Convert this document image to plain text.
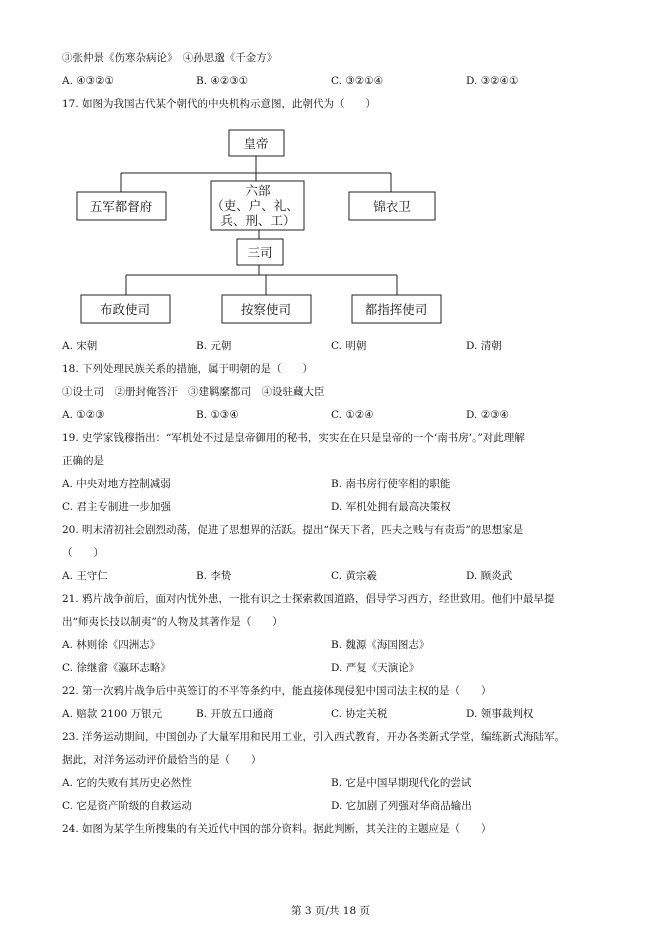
③张仲景《伤寒杂病论》　④孙思邈《千金方》
A. ④③②①	B. ④②③①	C. ③②①④	D. ③②④①
17. 如图为我国古代某个朝代的中央机构示意图，此朝代为（　　）
皇帝
五军都督府
六部
（吏、户、礼、
兵、刑、工）
锦衣卫
三司
布政使司	按察使司	都指挥使司
A. 宋朝	B. 元朝	C. 明朝	D. 清朝
18. 下列处理民族关系的措施，属于明朝的是（　　）
①设土司　②册封俺答汗　③建羁縻都司　④设驻藏大臣
A. ①②③	B. ①③④	C. ①②④	D. ②③④
19. 史学家钱穆指出：“军机处不过是皇帝御用的秘书，实实在在只是皇帝的一个‘南书房’。”对此理解
正确的是
A. 中央对地方控制减弱	B. 南书房行使宰相的职能
C. 君主专制进一步加强	D. 军机处拥有最高决策权
20. 明末清初社会剧烈动荡，促进了思想界的活跃。提出“保天下者，匹夫之贱与有责焉”的思想家是
（　　）
A. 王守仁	B. 李贽	C. 黄宗羲	D. 顾炎武
21. 鸦片战争前后，面对内忧外患，一批有识之士探索救国道路，倡导学习西方，经世致用。他们中最早提
出“师夷长技以制夷”的人物及其著作是（　　）
A. 林则徐《四洲志》	B. 魏源《海国图志》
C. 徐继畲《瀛环志略》	D. 严复《天演论》
22. 第一次鸦片战争后中英签订的不平等条约中，能直接体现侵犯中国司法主权的是（　　）
A. 赔款 2100 万银元	B. 开放五口通商	C. 协定关税	D. 领事裁判权
23. 洋务运动期间，中国创办了大量军用和民用工业，引入西式教育，开办各类新式学堂，编练新式海陆军。
据此，对洋务运动评价最恰当的是（　　）
A. 它的失败有其历史必然性	B. 它是中国早期现代化的尝试
C. 它是资产阶级的自救运动	D. 它加剧了列强对华商品输出
24. 如图为某学生所搜集的有关近代中国的部分资料。据此判断，其关注的主题应是（　　）
第 3 页/共 18 页
